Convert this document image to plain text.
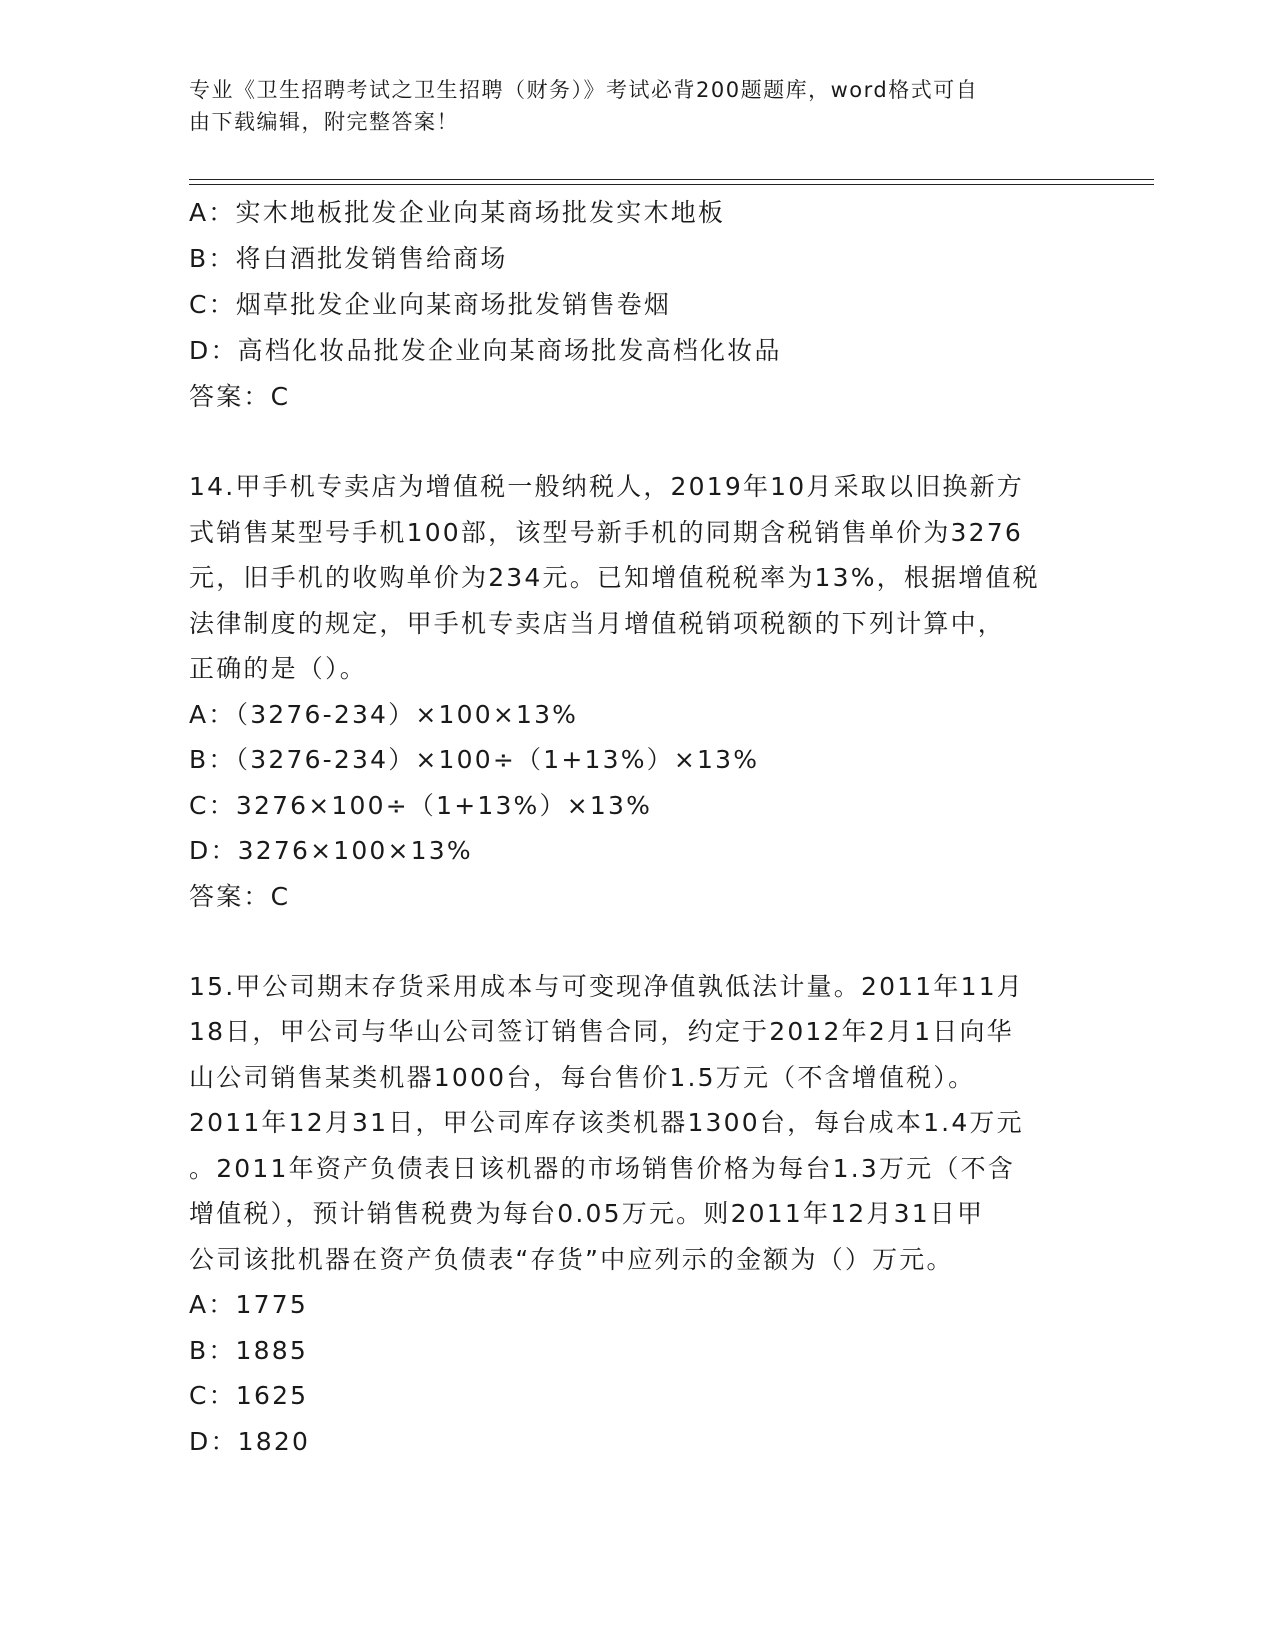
专业《卫生招聘考试之卫生招聘（财务）》考试必背200题题库，word格式可自
由下载编辑，附完整答案！
A：实木地板批发企业向某商场批发实木地板
B：将白酒批发销售给商场
C：烟草批发企业向某商场批发销售卷烟
D：高档化妆品批发企业向某商场批发高档化妆品
答案：C
14.甲手机专卖店为增值税一般纳税人，2019年10月采取以旧换新方
式销售某型号手机100部，该型号新手机的同期含税销售单价为3276
元，旧手机的收购单价为234元。已知增值税税率为13%，根据增值税
法律制度的规定，甲手机专卖店当月增值税销项税额的下列计算中，
正确的是（）。
A：（3276-234）×100×13%
B：（3276-234）×100÷（1+13%）×13%
C：3276×100÷（1+13%）×13%
D：3276×100×13%
答案：C
15.甲公司期末存货采用成本与可变现净值孰低法计量。2011年11月
18日，甲公司与华山公司签订销售合同，约定于2012年2月1日向华
山公司销售某类机器1000台，每台售价1.5万元（不含增值税）。
2011年12月31日，甲公司库存该类机器1300台，每台成本1.4万元
。2011年资产负债表日该机器的市场销售价格为每台1.3万元（不含
增值税），预计销售税费为每台0.05万元。则2011年12月31日甲
公司该批机器在资产负债表“存货”中应列示的金额为（）万元。
A：1775
B：1885
C：1625
D：1820
